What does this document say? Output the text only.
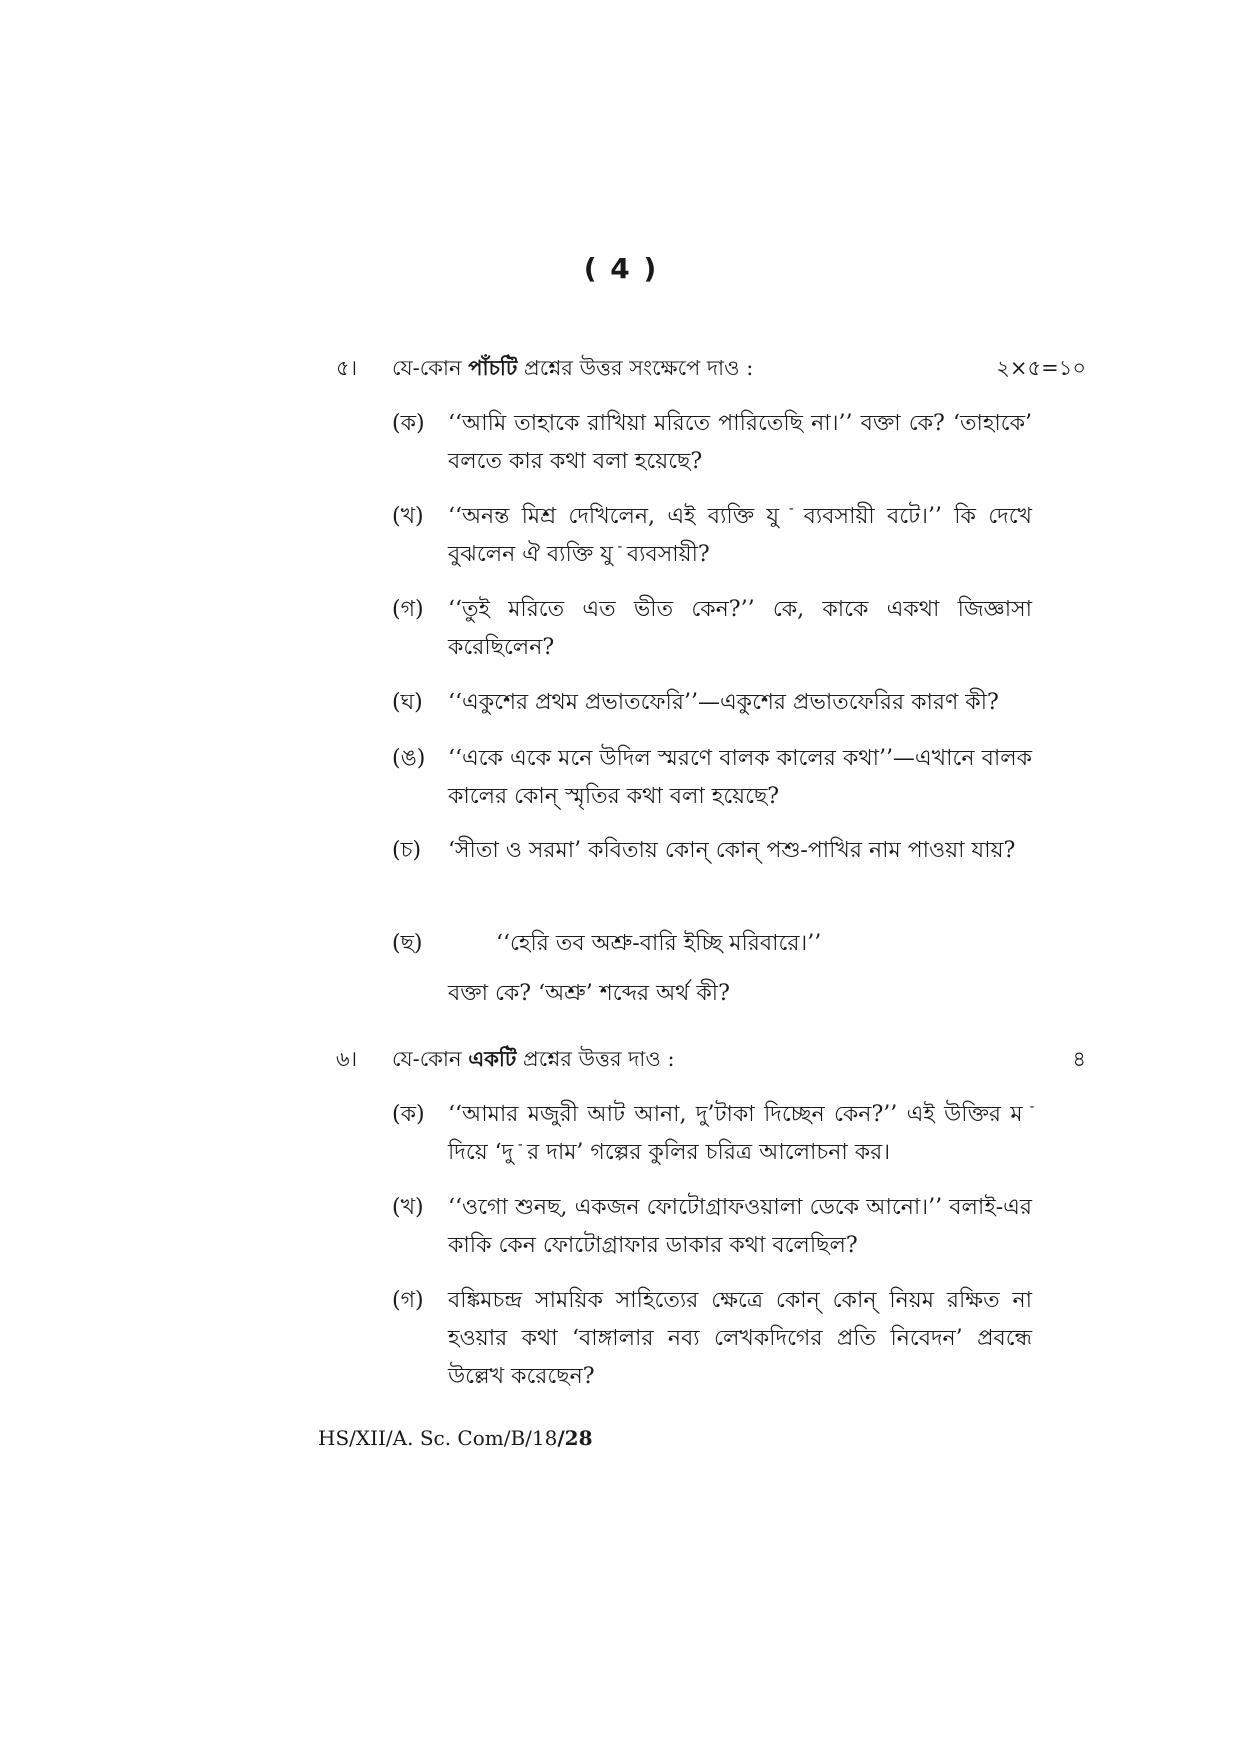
( 4 )
৫। যে-কোন পাঁচটি প্রশ্নের উত্তর সংক্ষেপে দাও :	২×৫=১০
(ক)	‘‘আমি তাহাকে রাখিয়া মরিতে পারিতেছি না।’’ বক্তা কে? ‘তাহাকে’ বলতে কার কথা বলা হয়েছে?
(খ)	‘‘অনন্ত মিশ্র দেখিলেন, এই ব্যক্তি যু ֿ ব্যবসায়ী বটে।’’ কি দেখে বুঝলেন ঐ ব্যক্তি যু ֿ ব্যবসায়ী?
(গ)	‘‘তুই মরিতে এত ভীত কেন?’’ কে, কাকে একথা জিজ্ঞাসা করেছিলেন?
(ঘ)	‘‘একুশের প্রথম প্রভাতফেরি’’—একুশের প্রভাতফেরির কারণ কী?
(ঙ)	‘‘একে একে মনে উদিল স্মরণে বালক কালের কথা’’—এখানে বালক কালের কোন্ স্মৃতির কথা বলা হয়েছে?
(চ)	‘সীতা ও সরমা’ কবিতায় কোন্ কোন্ পশু-পাখির নাম পাওয়া যায়?
(ছ)	‘‘হেরি তব অশ্রু-বারি ইচ্ছি মরিবারে।’’
বক্তা কে? ‘অশ্রু’ শব্দের অর্থ কী?
৬। যে-কোন একটি প্রশ্নের উত্তর দাও :	৪
(ক)	‘‘আমার মজুরী আট আনা, দু’টাকা দিচ্ছেন কেন?’’ এই উক্তির ম ֿ দিয়ে ‘দু ֿ র দাম’ গল্পের কুলির চরিত্র আলোচনা কর।
(খ)	‘‘ওগো শুনছ, একজন ফোটোগ্রাফওয়ালা ডেকে আনো।’’ বলাই-এর কাকি কেন ফোটোগ্রাফার ডাকার কথা বলেছিল?
(গ)	বঙ্কিমচন্দ্র সাময়িক সাহিত্যের ক্ষেত্রে কোন্ কোন্ নিয়ম রক্ষিত না হওয়ার কথা ‘বাঙ্গালার নব্য লেখকদিগের প্রতি নিবেদন’ প্রবন্ধে উল্লেখ করেছেন?
HS/XII/A. Sc. Com/B/18/28
